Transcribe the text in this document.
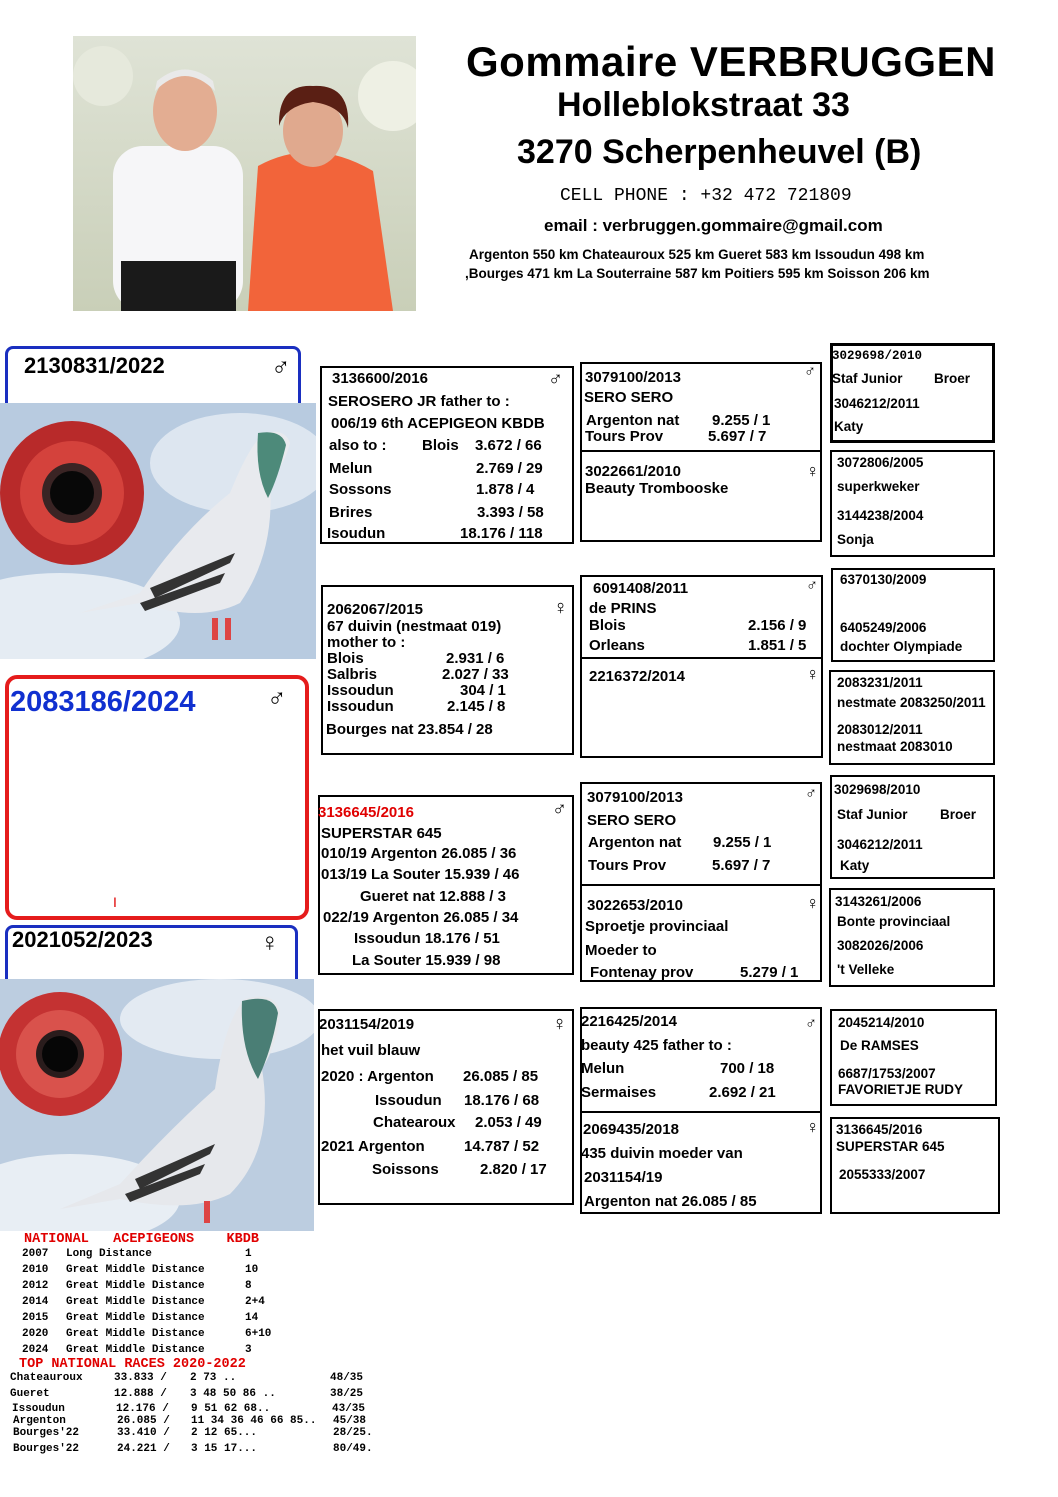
Gommaire VERBRUGGEN
Holleblokstraat 33
3270 Scherpenheuvel (B)
CELL PHONE : +32 472 721809
email : verbruggen.gommaire@gmail.com
Argenton 550 km Chateauroux 525 km Gueret 583 km Issoudun 498 km
,Bourges 471 km La Souterraine 587 km Poitiers 595 km Soisson 206 km
2130831/2022	♂
2083186/2024	♂
I
2021052/2023	♀
3136600/2016	♂
SEROSERO JR father to :
006/19 6th ACEPIGEON KBDB
also to : Blois 3.672 / 66
Melun	2.769 / 29
Sossons	1.878 / 4
Brires	3.393 / 58
Isoudun	18.176 / 118
2062067/2015	♀
67 duivin (nestmaat 019)
mother to :
Blois	2.931 / 6
Salbris	2.027 / 33
Issoudun	304 / 1
Issoudun	2.145 / 8
Bourges nat 23.854 / 28
3136645/2016	♂
SUPERSTAR 645
010/19 Argenton 26.085 / 36
013/19 La Souter 15.939 / 46
Gueret nat 12.888 / 3
022/19 Argenton 26.085 / 34
Issoudun 18.176 / 51
La Souter 15.939 / 98
2031154/2019	♀
het vuil blauw
2020 : Argenton 26.085 / 85
Issoudun 18.176 / 68
Chatearoux 2.053 / 49
2021 Argenton	14.787 / 52
Soissons	2.820 / 17
3079100/2013	♂
SERO SERO
Argenton nat 9.255 / 1
Tours Prov	5.697 / 7
3022661/2010	♀
Beauty Trombooske
6091408/2011	♂
de PRINS
Blois	2.156 / 9
Orleans	1.851 / 5
2216372/2014	♀
3079100/2013	♂
SERO SERO
Argenton nat 9.255 / 1
Tours Prov	5.697 / 7
3022653/2010	♀
Sproetje provinciaal
Moeder to
Fontenay prov	5.279 / 1
2216425/2014	♂
beauty 425 father to :
Melun	700 / 18
Sermaises	2.692 / 21
2069435/2018	♀
435 duivin moeder van
2031154/19
Argenton nat 26.085 / 85
3029698/2010
Staf Junior Broer
3046212/2011
Katy
3072806/2005
superkweker
3144238/2004
Sonja
6370130/2009
6405249/2006
dochter Olympiade
2083231/2011
nestmate 2083250/2011
2083012/2011
nestmaat 2083010
3029698/2010
Staf Junior Broer
3046212/2011
Katy
3143261/2006
Bonte provinciaal
3082026/2006
't Velleke
2045214/2010
De RAMSES
6687/1753/2007
FAVORIETJE RUDY
3136645/2016
SUPERSTAR 645
2055333/2007
NATIONAL   ACEPIGEONS    KBDB
2007 Long Distance	1
2010 Great Middle Distance	10
2012 Great Middle Distance	8
2014 Great Middle Distance	2+4
2015 Great Middle Distance	14
2020 Great Middle Distance	6+10
2024 Great Middle Distance	3
TOP NATIONAL RACES 2020-2022
Chateauroux	33.833 / 2 73 ..	48/35
Gueret	12.888 / 3 48 50 86 ..	38/25
Issoudun	12.176 / 9 51 62 68..	43/35
Argenton	26.085 / 11 34 36 46 66 85.. 45/38
Bourges'22	33.410 / 2 12 65...	28/25.
Bourges'22	24.221 / 3 15 17...	80/49.
